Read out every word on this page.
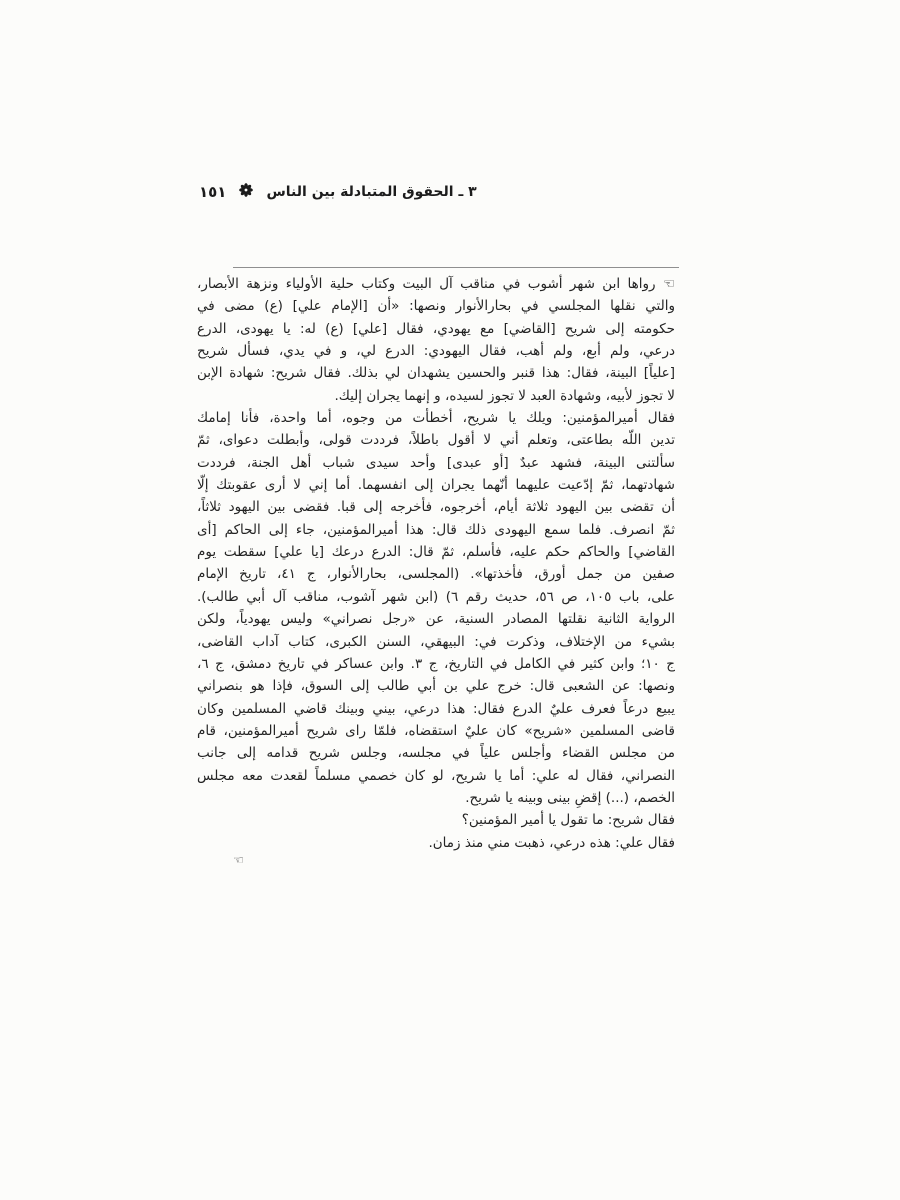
٣ ـ الحقوق المتبادلة بين الناس
١٥١
☜ رواها ابن شهر أشوب في مناقب آل البيت وكتاب حلية الأولياء ونزهة الأبصار،
والتي نقلها المجلسي في بحارالأنوار ونصها: «أن [الإمام علي] (ع) مضى في
حكومته إلى شريح [القاضي] مع يهودي، فقال [علي] (ع) له: يا يهودى، الدرع
درعي، ولم أبع، ولم أهب، فقال اليهودي: الدرع لي، و في يدي، فسأل شريح
[علياً] البينة، فقال: هذا قنبر والحسين يشهدان لي بذلك. فقال شريح: شهادة الإبن
لا تجوز لأبيه، وشهادة العبد لا تجوز لسيده، و إنهما يجران إليك.
فقال أميرالمؤمنين: ويلك يا شريح، أخطأت من وجوه، أما واحدة، فأنا إمامك
تدين اللّه بطاعتى، وتعلم أني لا أقول باطلاً، فرددت قولى، وأبطلت دعواى، ثمّ
سألتنى البينة، فشهد عبدٌ [أو عبدى] وأحد سيدى شباب أهل الجنة، فرددت
شهادتهما، ثمّ إدّعيت عليهما أنّهما يجران إلى انفسهما. أما إني لا أرى عقوبتك إلّا
أن تقضى بين اليهود ثلاثة أيام، أخرجوه، فأخرجه إلى قبا. فقضى بين اليهود ثلاثاً،
ثمّ انصرف. فلما سمع اليهودى ذلك قال: هذا أميرالمؤمنين، جاء إلى الحاكم [أى
القاضي] والحاكم حكم عليه، فأسلم، ثمّ قال: الدرع درعك [يا علي] سقطت يوم
صفين من جمل أورق، فأخذتها». (المجلسى، بحارالأنوار، ج ٤١، تاريخ الإمام
على، باب ١٠٥، ص ٥٦، حديث رقم ٦) (ابن شهر آشوب، مناقب آل أبي طالب).
الرواية الثانية نقلتها المصادر السنية، عن «رجل نصراني» وليس يهودياً، ولكن
بشيء من الإختلاف، وذكرت في: البيهقي، السنن الكبرى، كتاب آداب القاضى،
ج ١٠؛ وابن كثير في الكامل في التاريخ، ج ٣. وابن عساكر في تاريخ دمشق، ج ٦،
ونصها: عن الشعبى قال: خرج علي بن أبي طالب إلى السوق، فإذا هو بنصراني
يبيع درعاً فعرف عليٌ الدرع فقال: هذا درعي، بيني وبينك قاضي المسلمين وكان
قاضى المسلمين «شريح» كان عليٌ استقضاه، فلمّا راى شريح أميرالمؤمنين، قام
من مجلس القضاء وأجلس علياً في مجلسه، وجلس شريح قدامه إلى جانب
النصراني، فقال له علي: أما يا شريح، لو كان خصمي مسلماً لقعدت معه مجلس
الخصم، (...) إقضِ بينى وبينه يا شريح.
فقال شريح: ما تقول يا أمير المؤمنين؟
فقال علي: هذه درعي، ذهبت مني منذ زمان.
☜
